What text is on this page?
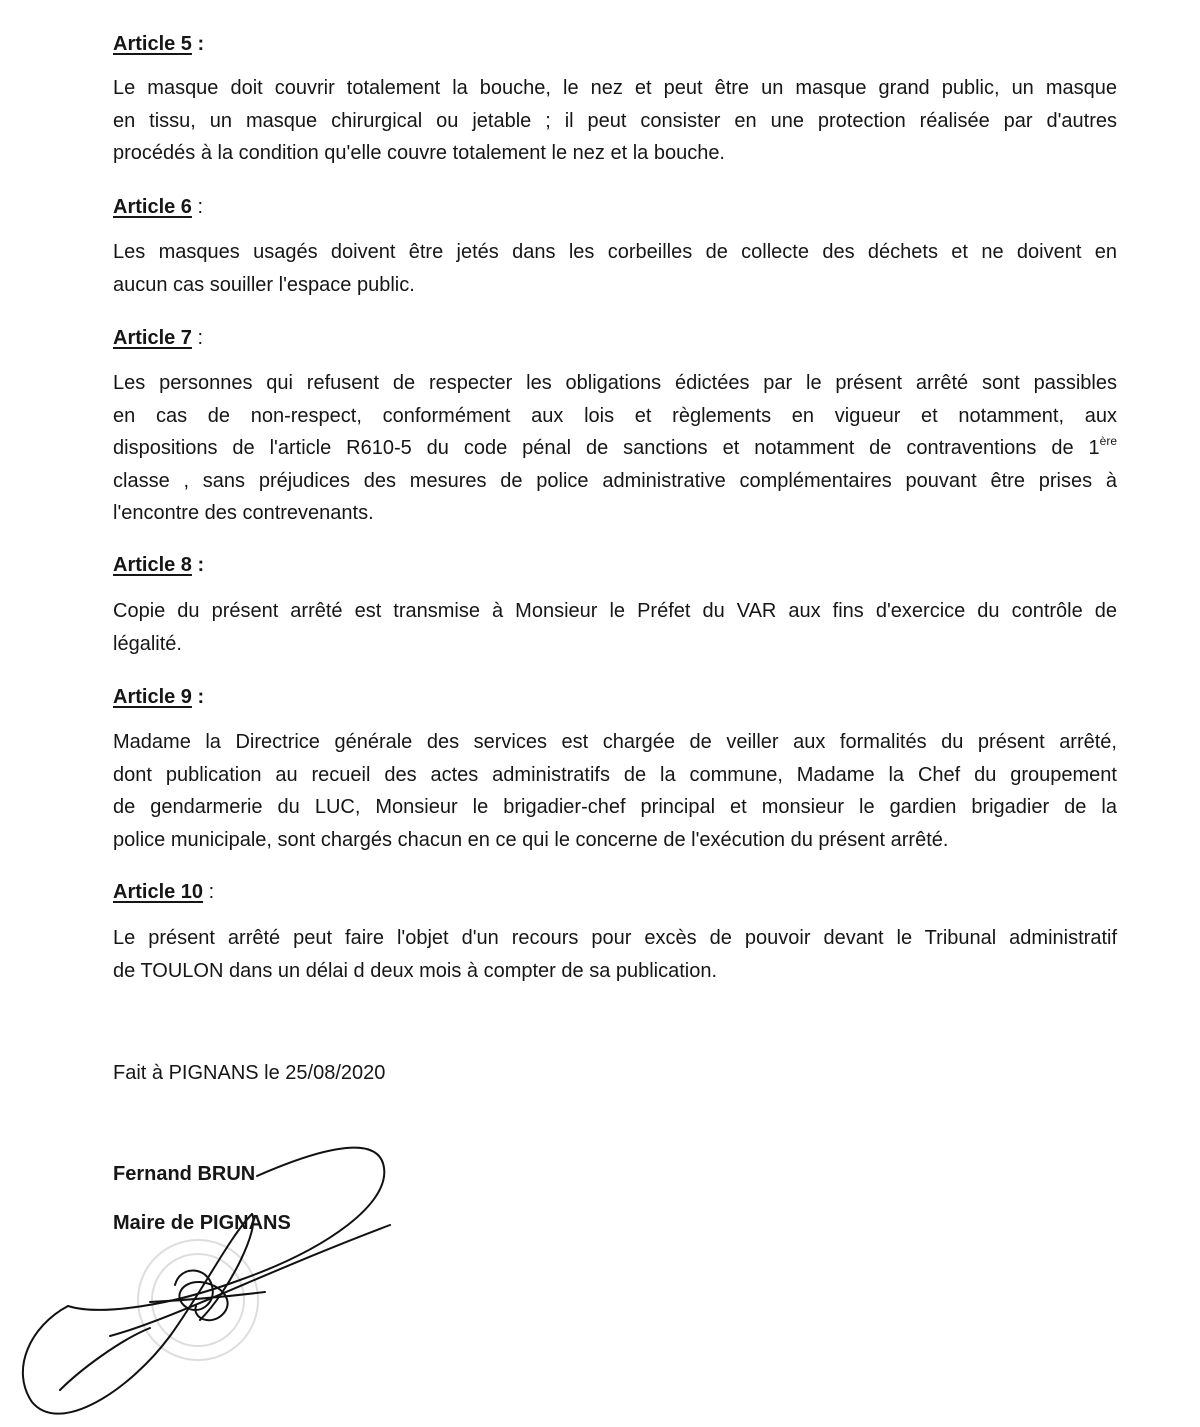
Article 5 :
Le masque doit couvrir totalement la bouche, le nez et peut être un masque grand public, un masque
en tissu, un masque chirurgical ou jetable ; il peut consister en une protection réalisée par d'autres
procédés à la condition qu'elle couvre totalement le nez et la bouche.
Article 6 :
Les masques usagés doivent être jetés dans les corbeilles de collecte des déchets et ne doivent en
aucun cas souiller l'espace public.
Article 7 :
Les personnes qui refusent de respecter les obligations édictées par le présent arrêté sont passibles
en cas de non-respect, conformément aux lois et règlements en vigueur et notamment, aux
dispositions de l'article R610-5 du code pénal de sanctions et notamment de contraventions de 1ère
classe , sans préjudices des mesures de police administrative complémentaires pouvant être prises à
l'encontre des contrevenants.
Article 8 :
Copie du présent arrêté est transmise à Monsieur le Préfet du VAR aux fins d'exercice du contrôle de
légalité.
Article 9 :
Madame la Directrice générale des services est chargée de veiller aux formalités du présent arrêté,
dont publication au recueil des actes administratifs de la commune, Madame la Chef du groupement
de gendarmerie du LUC, Monsieur le brigadier-chef principal et monsieur le gardien brigadier de la
police municipale, sont chargés chacun en ce qui le concerne de l'exécution du présent arrêté.
Article 10 :
Le présent arrêté peut faire l'objet d'un recours pour excès de pouvoir devant le Tribunal administratif
de TOULON dans un délai d deux mois à compter de sa publication.
Fait à PIGNANS le 25/08/2020
Fernand BRUN
Maire de PIGNANS
